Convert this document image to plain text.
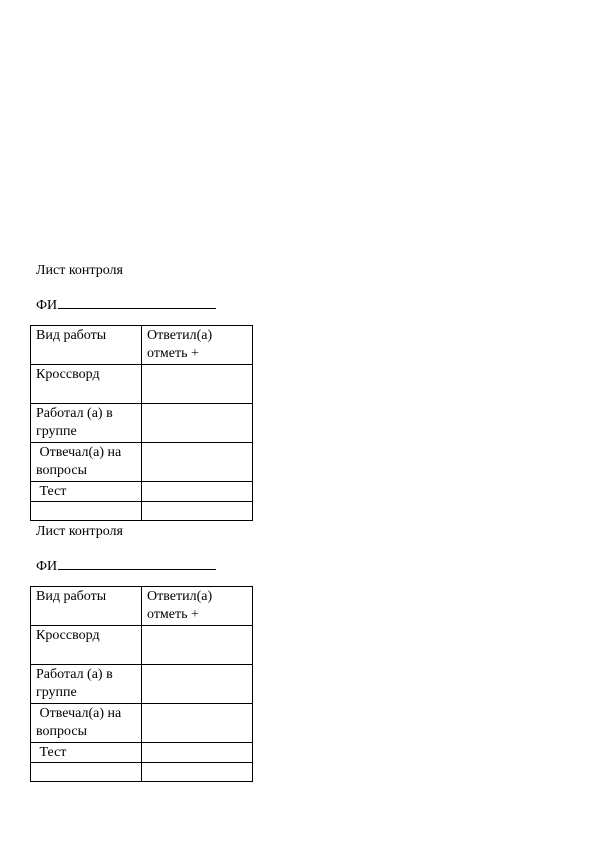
Лист контроля
ФИ
Вид работы	Ответил(а) отметь +
Кроссворд	
Работал (а) в группе	
Отвечал(а) на вопросы	
Тест	

Лист контроля
ФИ
Вид работы	Ответил(а) отметь +
Кроссворд	
Работал (а) в группе	
Отвечал(а) на вопросы	
Тест	
